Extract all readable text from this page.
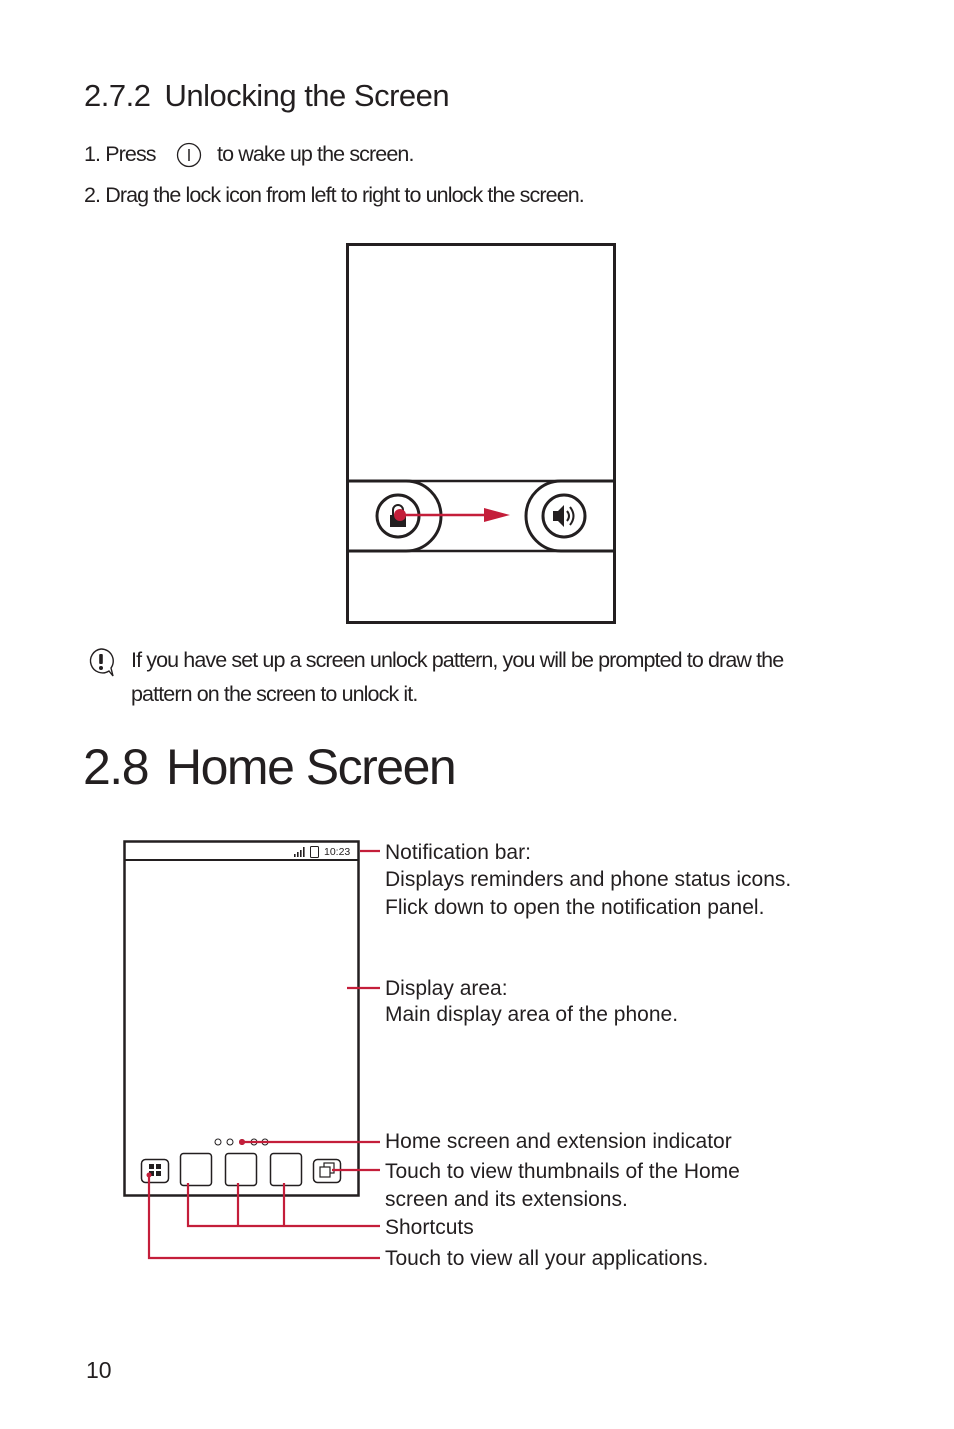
2.7.2 Unlocking the Screen
1. Press	to wake up the screen.
2. Drag the lock icon from left to right to unlock the screen.
If you have set up a screen unlock pattern, you will be prompted to draw the
pattern on the screen to unlock it.
2.8 Home Screen
10:23 Notification bar:
Displays reminders and phone status icons.
Flick down to open the notification panel.
Display area:
Main display area of the phone.
Home screen and extension indicator
Touch to view thumbnails of the Home
screen and its extensions.
Shortcuts
Touch to view all your applications.
10
